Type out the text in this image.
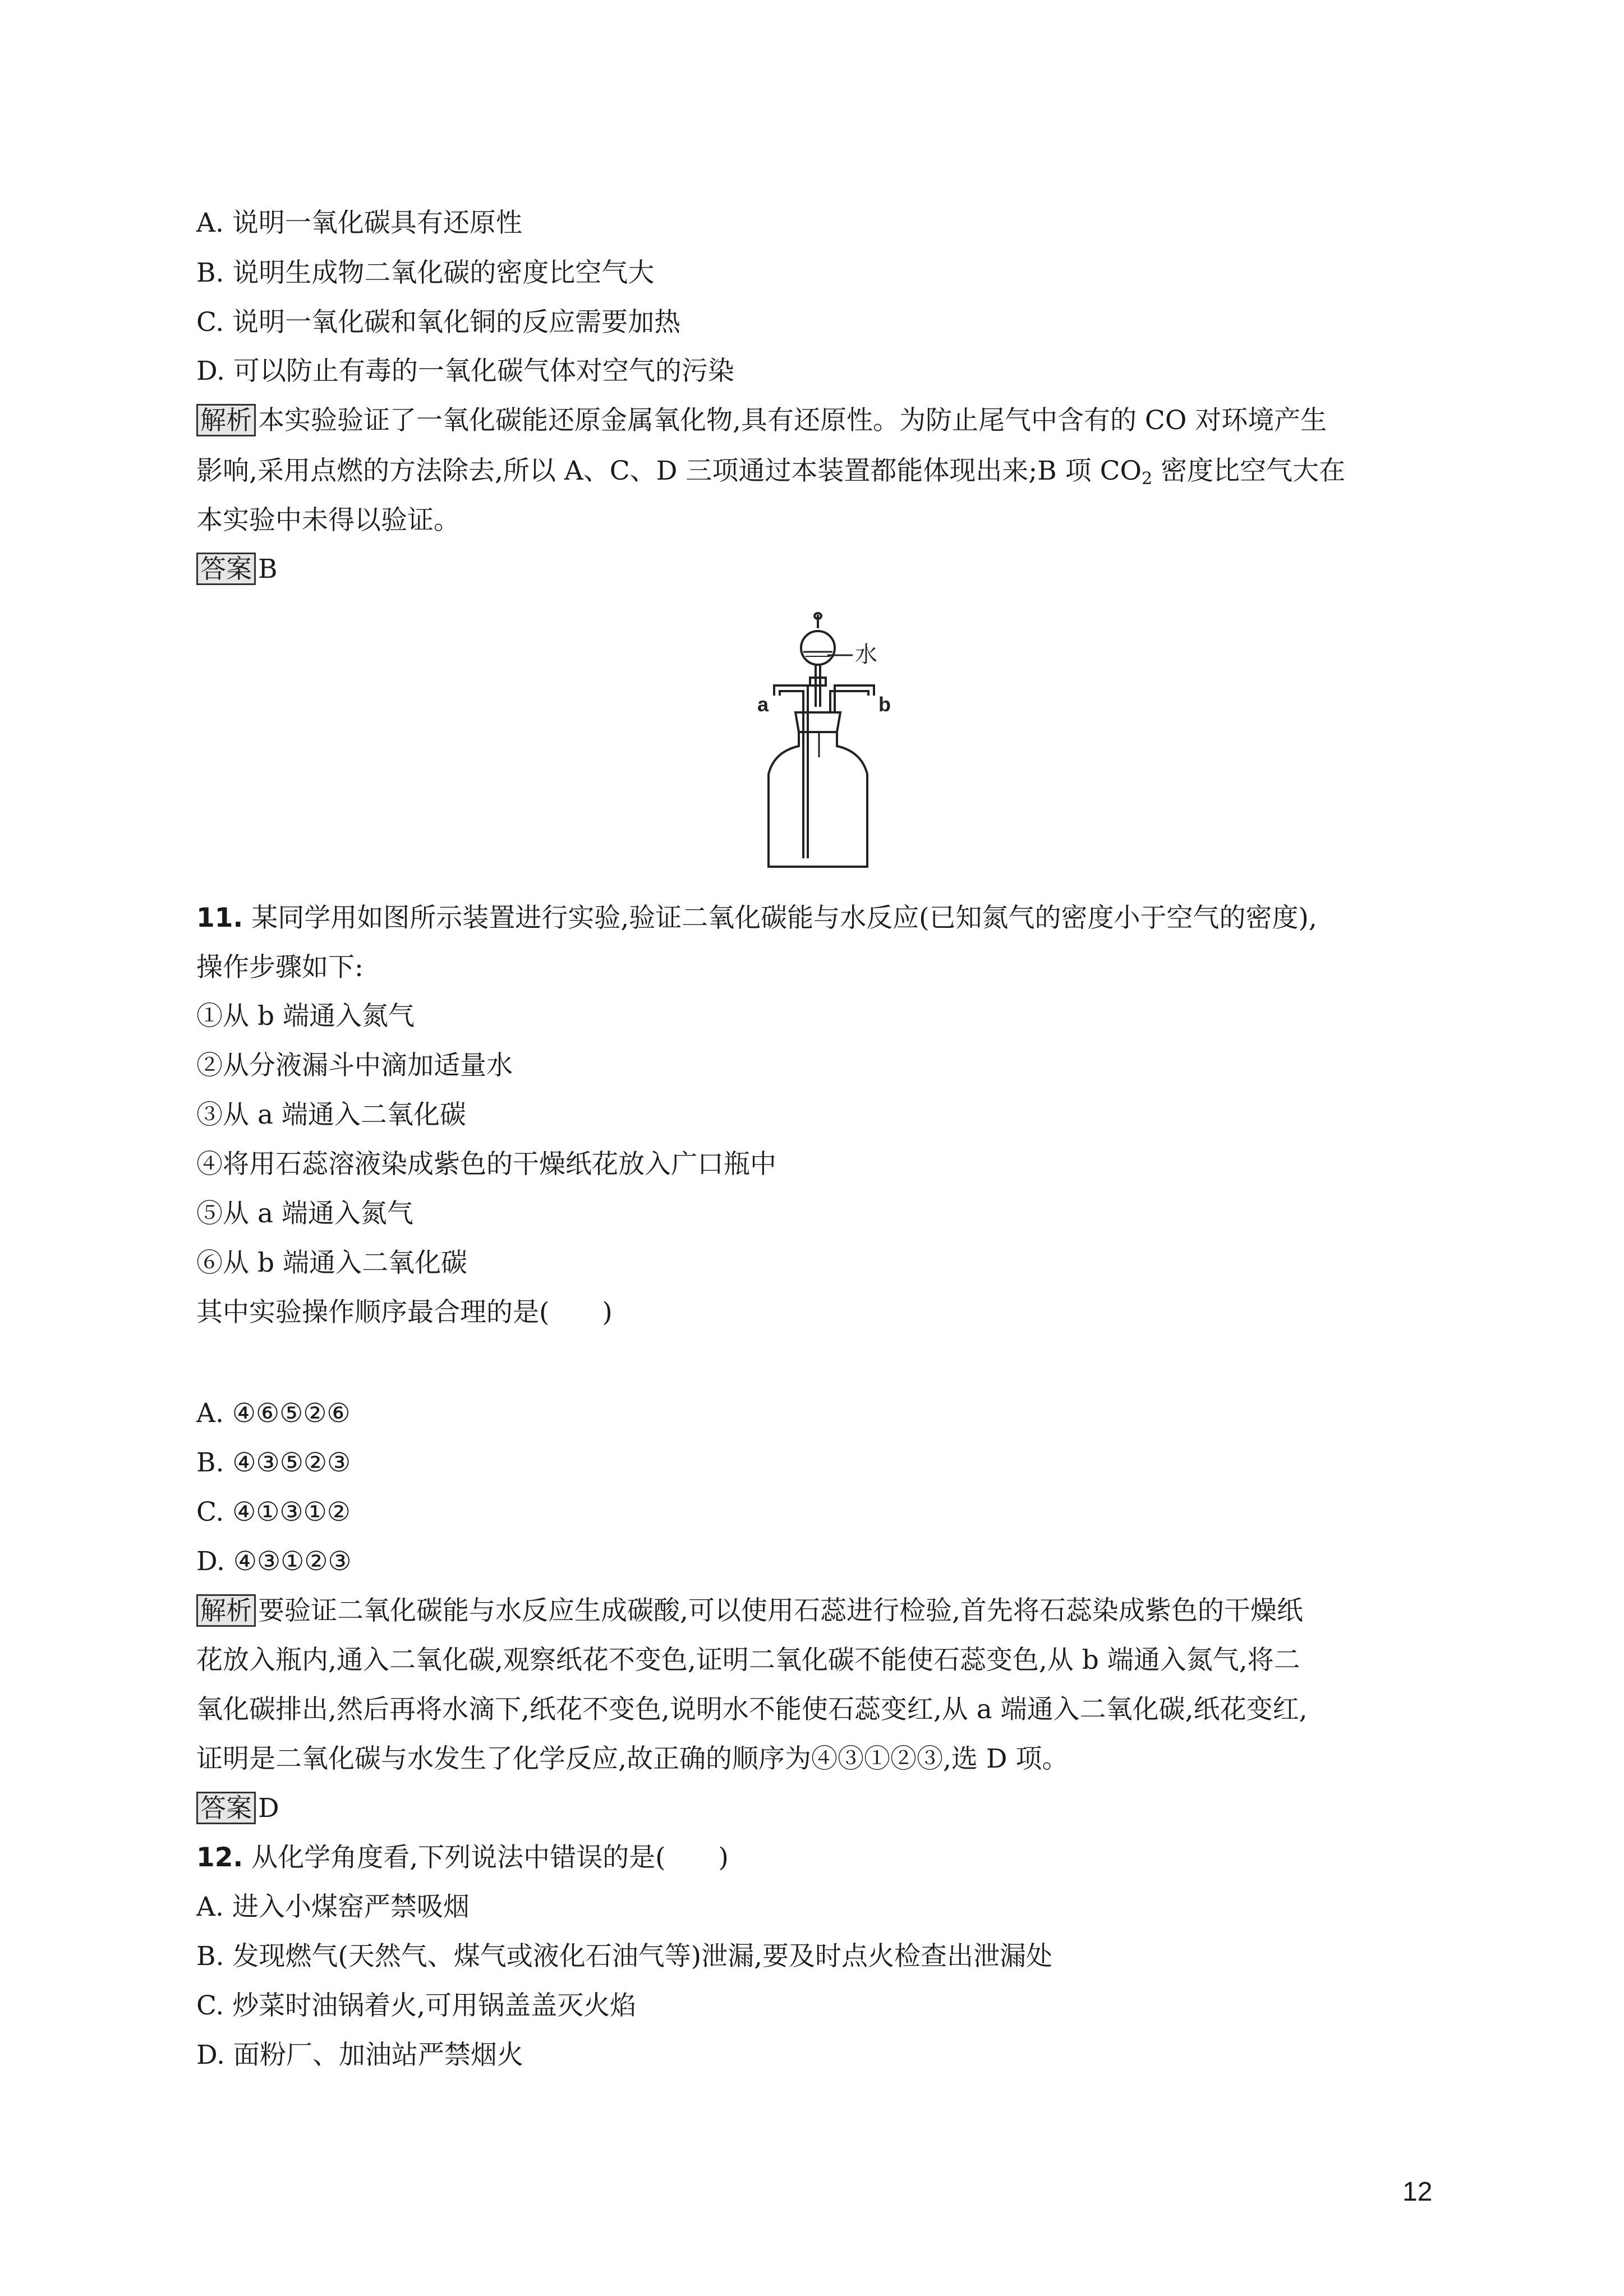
A. 说明一氧化碳具有还原性
B. 说明生成物二氧化碳的密度比空气大
C. 说明一氧化碳和氧化铜的反应需要加热
D. 可以防止有毒的一氧化碳气体对空气的污染
解析 本实验验证了一氧化碳能还原金属氧化物,具有还原性。为防止尾气中含有的 CO 对环境产生
影响,采用点燃的方法除去,所以 A、C、D 三项通过本装置都能体现出来;B 项 $CO_2$ 密度比空气大在
本实验中未得以验证。
答案 B
水
a	b
11. 某同学用如图所示装置进行实验,验证二氧化碳能与水反应(已知氮气的密度小于空气的密度),
操作步骤如下:
①从 b 端通入氮气
②从分液漏斗中滴加适量水
③从 a 端通入二氧化碳
④将用石蕊溶液染成紫色的干燥纸花放入广口瓶中
⑤从 a 端通入氮气
⑥从 b 端通入二氧化碳
其中实验操作顺序最合理的是(　　)
A. ④⑥⑤②⑥
B. ④③⑤②③
C. ④①③①②
D. ④③①②③
解析 要验证二氧化碳能与水反应生成碳酸,可以使用石蕊进行检验,首先将石蕊染成紫色的干燥纸
花放入瓶内,通入二氧化碳,观察纸花不变色,证明二氧化碳不能使石蕊变色,从 b 端通入氮气,将二
氧化碳排出,然后再将水滴下,纸花不变色,说明水不能使石蕊变红,从 a 端通入二氧化碳,纸花变红,
证明是二氧化碳与水发生了化学反应,故正确的顺序为④③①②③,选 D 项。
答案 D
12. 从化学角度看,下列说法中错误的是(　　)
A. 进入小煤窑严禁吸烟
B. 发现燃气(天然气、煤气或液化石油气等)泄漏,要及时点火检查出泄漏处
C. 炒菜时油锅着火,可用锅盖盖灭火焰
D. 面粉厂、加油站严禁烟火
12
